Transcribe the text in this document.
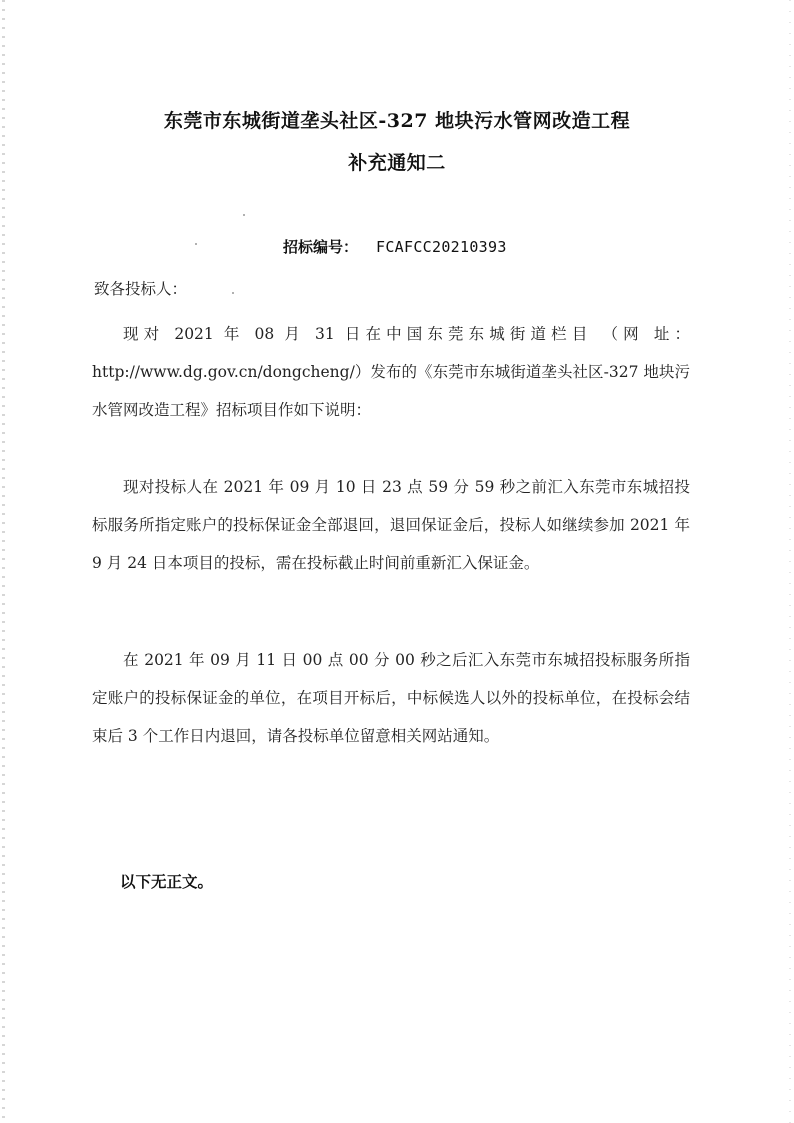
东莞市东城街道垄头社区-327 地块污水管网改造工程
补充通知二
招标编号： FCAFCC20210393
致各投标人：
现对 2021 年 08 月 31 日在中国东莞东城街道栏目 （网 址：http://www.dg.gov.cn/dongcheng/）发布的《东莞市东城街道垄头社区-327 地块污水管网改造工程》招标项目作如下说明：
现对投标人在 2021 年 09 月 10 日 23 点 59 分 59 秒之前汇入东莞市东城招投标服务所指定账户的投标保证金全部退回，退回保证金后，投标人如继续参加 2021 年 9 月 24 日本项目的投标，需在投标截止时间前重新汇入保证金。
在 2021 年 09 月 11 日 00 点 00 分 00 秒之后汇入东莞市东城招投标服务所指定账户的投标保证金的单位，在项目开标后，中标候选人以外的投标单位，在投标会结束后 3 个工作日内退回，请各投标单位留意相关网站通知。
以下无正文。
